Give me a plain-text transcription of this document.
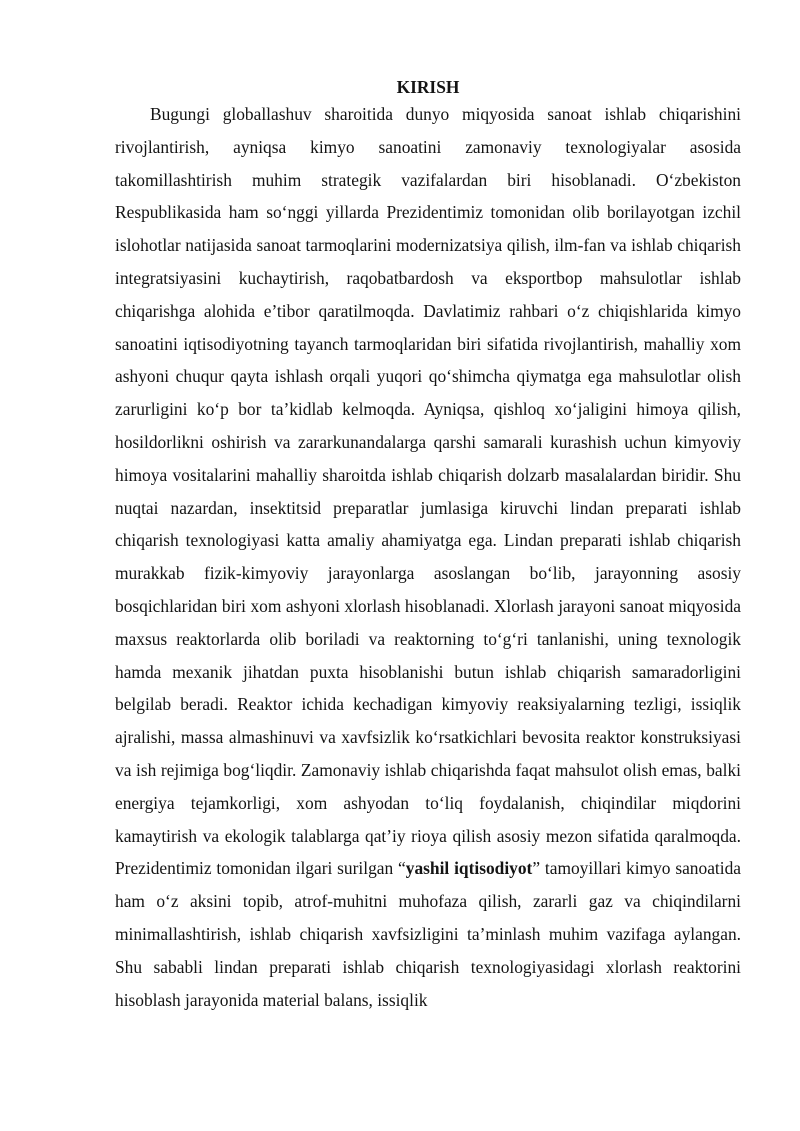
KIRISH

Bugungi globallashuv sharoitida dunyo miqyosida sanoat ishlab chiqarishini rivojlantirish, ayniqsa kimyo sanoatini zamonaviy texnologiyalar asosida takomillashtirish muhim strategik vazifalardan biri hisoblanadi. O‘zbekiston Respublikasida ham so‘nggi yillarda Prezidentimiz tomonidan olib borilayotgan izchil islohotlar natijasida sanoat tarmoqlarini modernizatsiya qilish, ilm-fan va ishlab chiqarish integratsiyasini kuchaytirish, raqobatbardosh va eksportbop mahsulotlar ishlab chiqarishga alohida e’tibor qaratilmoqda. Davlatimiz rahbari o‘z chiqishlarida kimyo sanoatini iqtisodiyotning tayanch tarmoqlaridan biri sifatida rivojlantirish, mahalliy xom ashyoni chuqur qayta ishlash orqali yuqori qo‘shimcha qiymatga ega mahsulotlar olish zarurligini ko‘p bor ta’kidlab kelmoqda. Ayniqsa, qishloq xo‘jaligini himoya qilish, hosildorlikni oshirish va zararkunandalarga qarshi samarali kurashish uchun kimyoviy himoya vositalarini mahalliy sharoitda ishlab chiqarish dolzarb masalalardan biridir. Shu nuqtai nazardan, insektitsid preparatlar jumlasiga kiruvchi lindan preparati ishlab chiqarish texnologiyasi katta amaliy ahamiyatga ega. Lindan preparati ishlab chiqarish murakkab fizik-kimyoviy jarayonlarga asoslangan bo‘lib, jarayonning asosiy bosqichlaridan biri xom ashyoni xlorlash hisoblanadi. Xlorlash jarayoni sanoat miqyosida maxsus reaktorlarda olib boriladi va reaktorning to‘g‘ri tanlanishi, uning texnologik hamda mexanik jihatdan puxta hisoblanishi butun ishlab chiqarish samaradorligini belgilab beradi. Reaktor ichida kechadigan kimyoviy reaksiyalarning tezligi, issiqlik ajralishi, massa almashinuvi va xavfsizlik ko‘rsatkichlari bevosita reaktor konstruksiyasi va ish rejimiga bog‘liqdir. Zamonaviy ishlab chiqarishda faqat mahsulot olish emas, balki energiya tejamkorligi, xom ashyodan to‘liq foydalanish, chiqindilar miqdorini kamaytirish va ekologik talablarga qat’iy rioya qilish asosiy mezon sifatida qaralmoqda. Prezidentimiz tomonidan ilgari surilgan “yashil iqtisodiyot” tamoyillari kimyo sanoatida ham o‘z aksini topib, atrof-muhitni muhofaza qilish, zararli gaz va chiqindilarni minimallashtirish, ishlab chiqarish xavfsizligini ta’minlash muhim vazifaga aylangan. Shu sababli lindan preparati ishlab chiqarish texnologiyasidagi xlorlash reaktorini hisoblash jarayonida material balans, issiqlik
